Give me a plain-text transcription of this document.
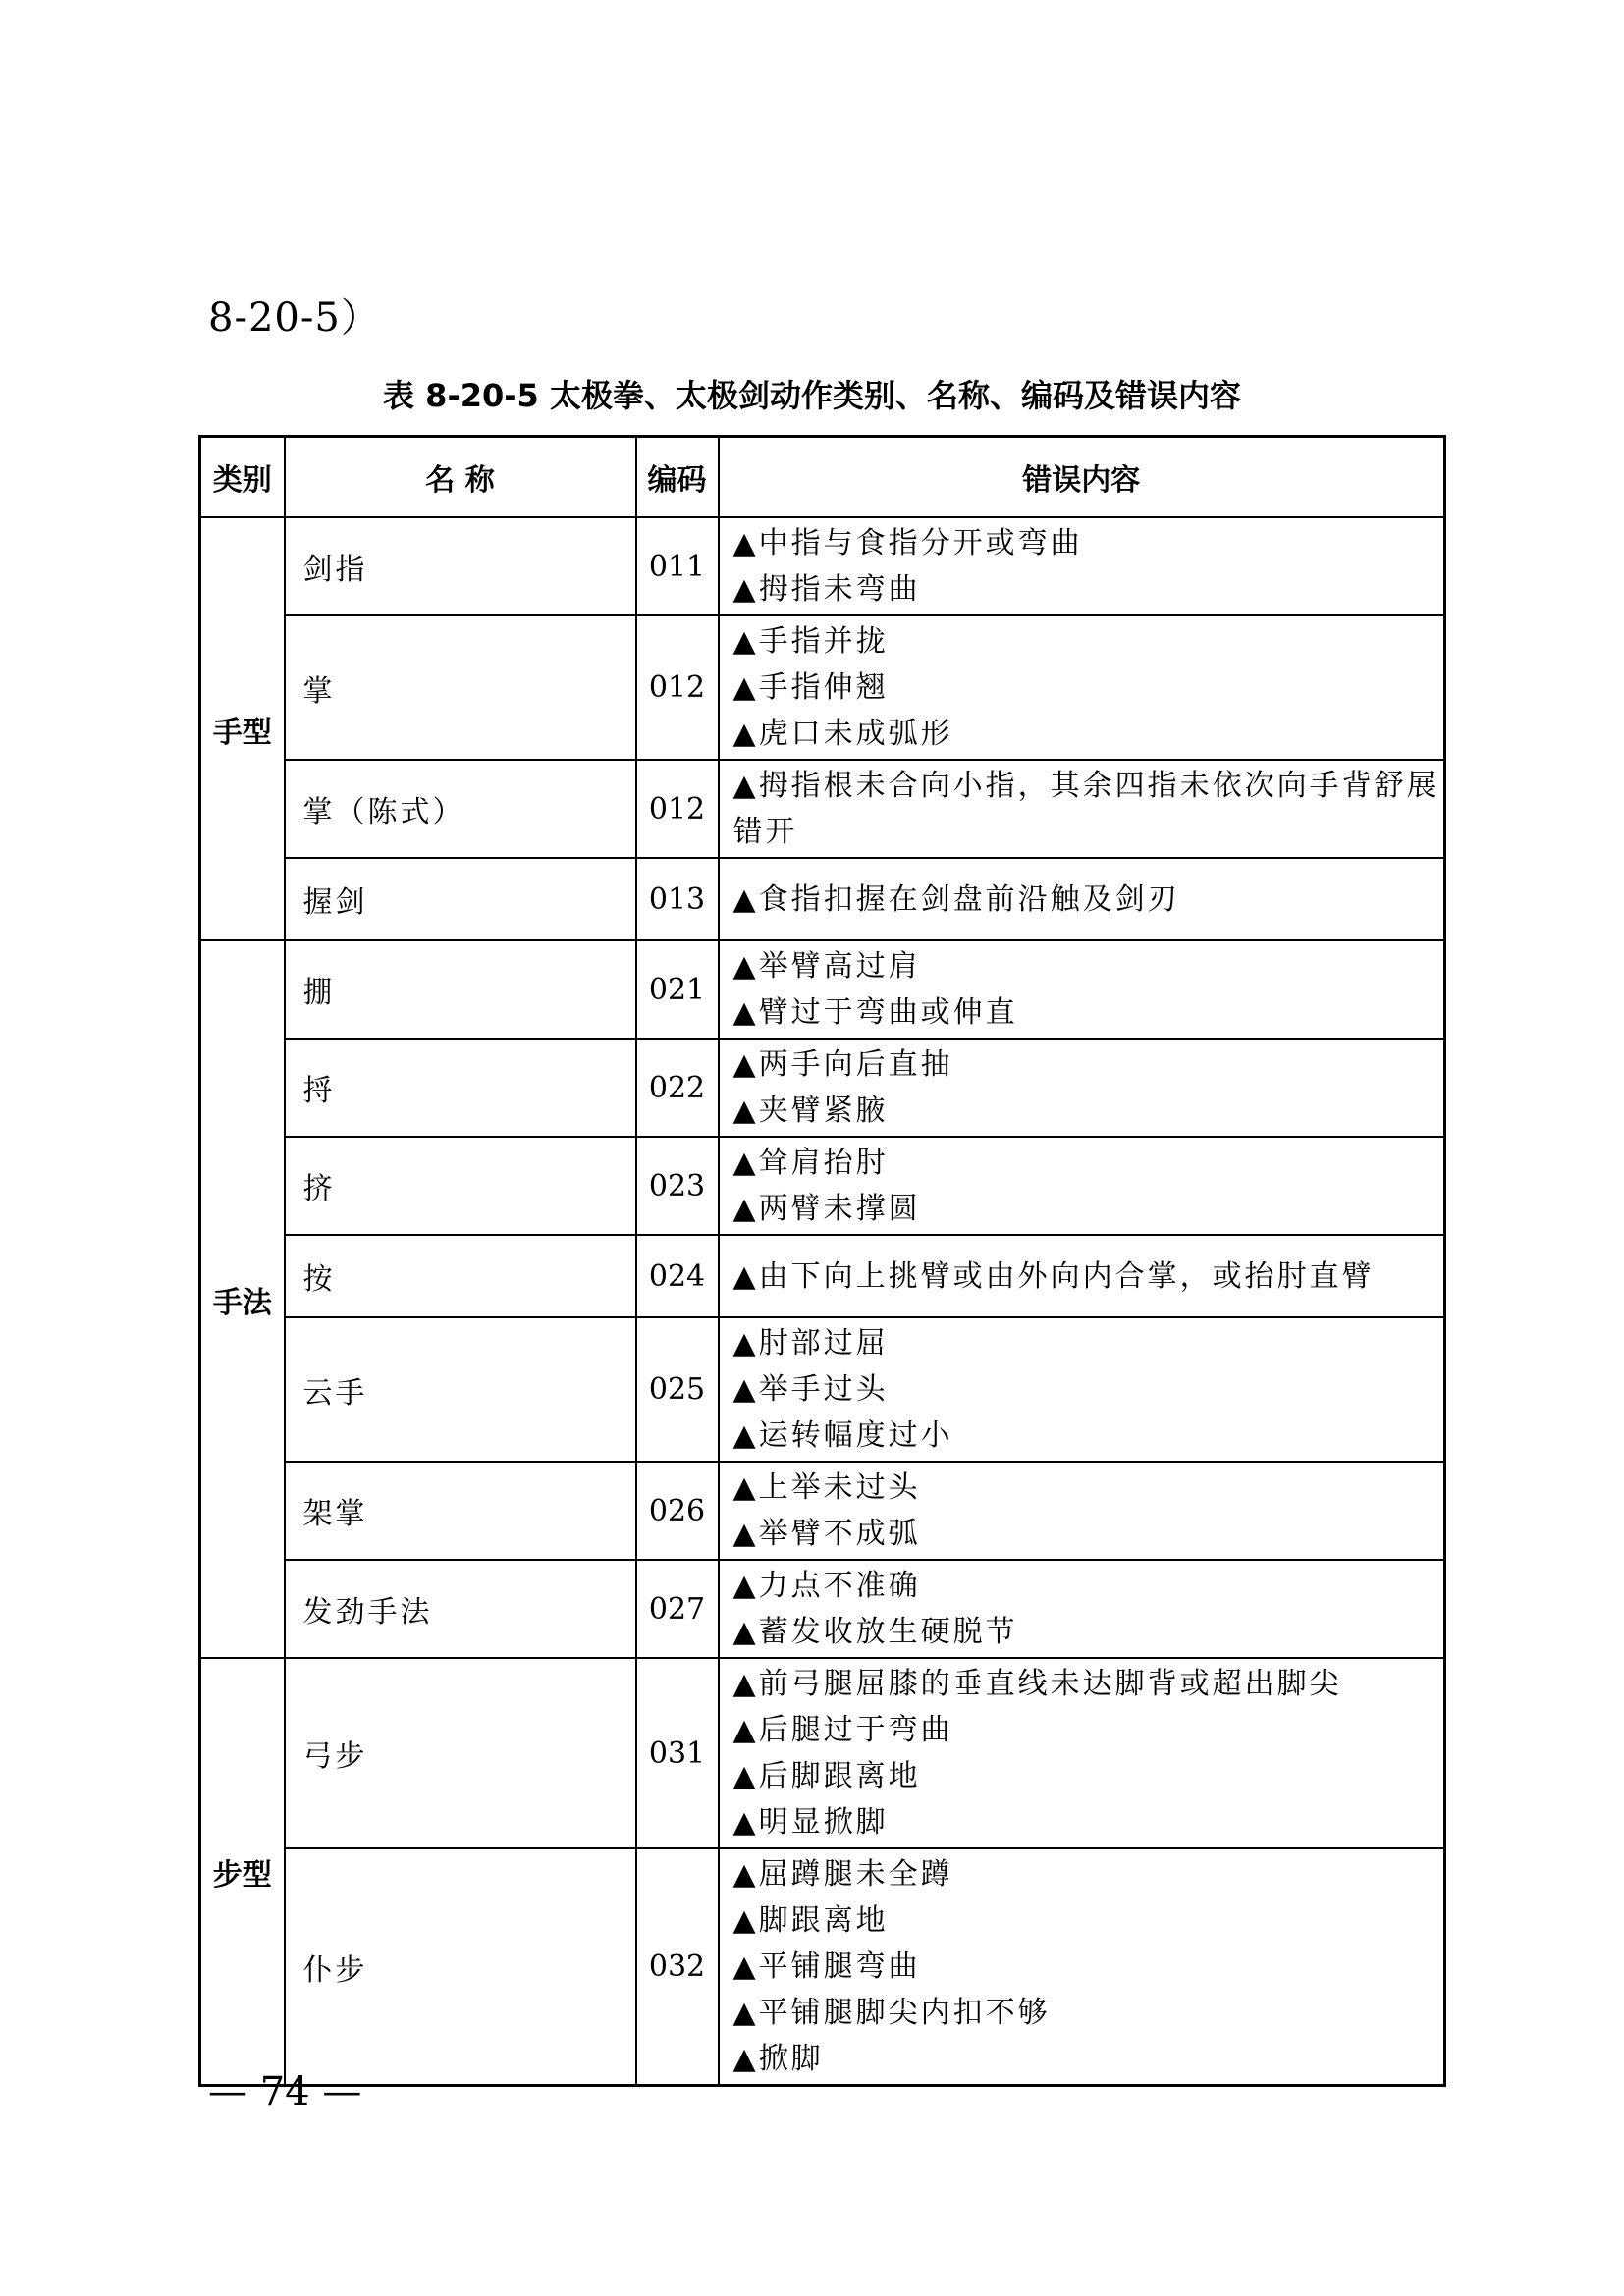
8-20-5）
表 8-20-5 太极拳、太极剑动作类别、名称、编码及错误内容
类别	名 称	编码	错误内容
手型	剑指	011	▲中指与食指分开或弯曲
▲拇指未弯曲

	掌	012	▲手指并拢
▲手指伸翘
▲虎口未成弧形

	掌（陈式）	012	▲拇指根未合向小指，其余四指未依次向手背舒展
错开

	握剑	013	▲食指扣握在剑盘前沿触及剑刃

手法	掤	021	▲举臂高过肩
▲臂过于弯曲或伸直

	捋	022	▲两手向后直抽
▲夹臂紧腋

	挤	023	▲耸肩抬肘
▲两臂未撑圆

	按	024	▲由下向上挑臂或由外向内合掌，或抬肘直臂

	云手	025	▲肘部过屈
▲举手过头
▲运转幅度过小

	架掌	026	▲上举未过头
▲举臂不成弧

	发劲手法	027	▲力点不准确
▲蓄发收放生硬脱节

步型	弓步	031	▲前弓腿屈膝的垂直线未达脚背或超出脚尖
▲后腿过于弯曲
▲后脚跟离地
▲明显掀脚

	仆步	032	▲屈蹲腿未全蹲
▲脚跟离地
▲平铺腿弯曲
▲平铺腿脚尖内扣不够
▲掀脚
— 74 —
